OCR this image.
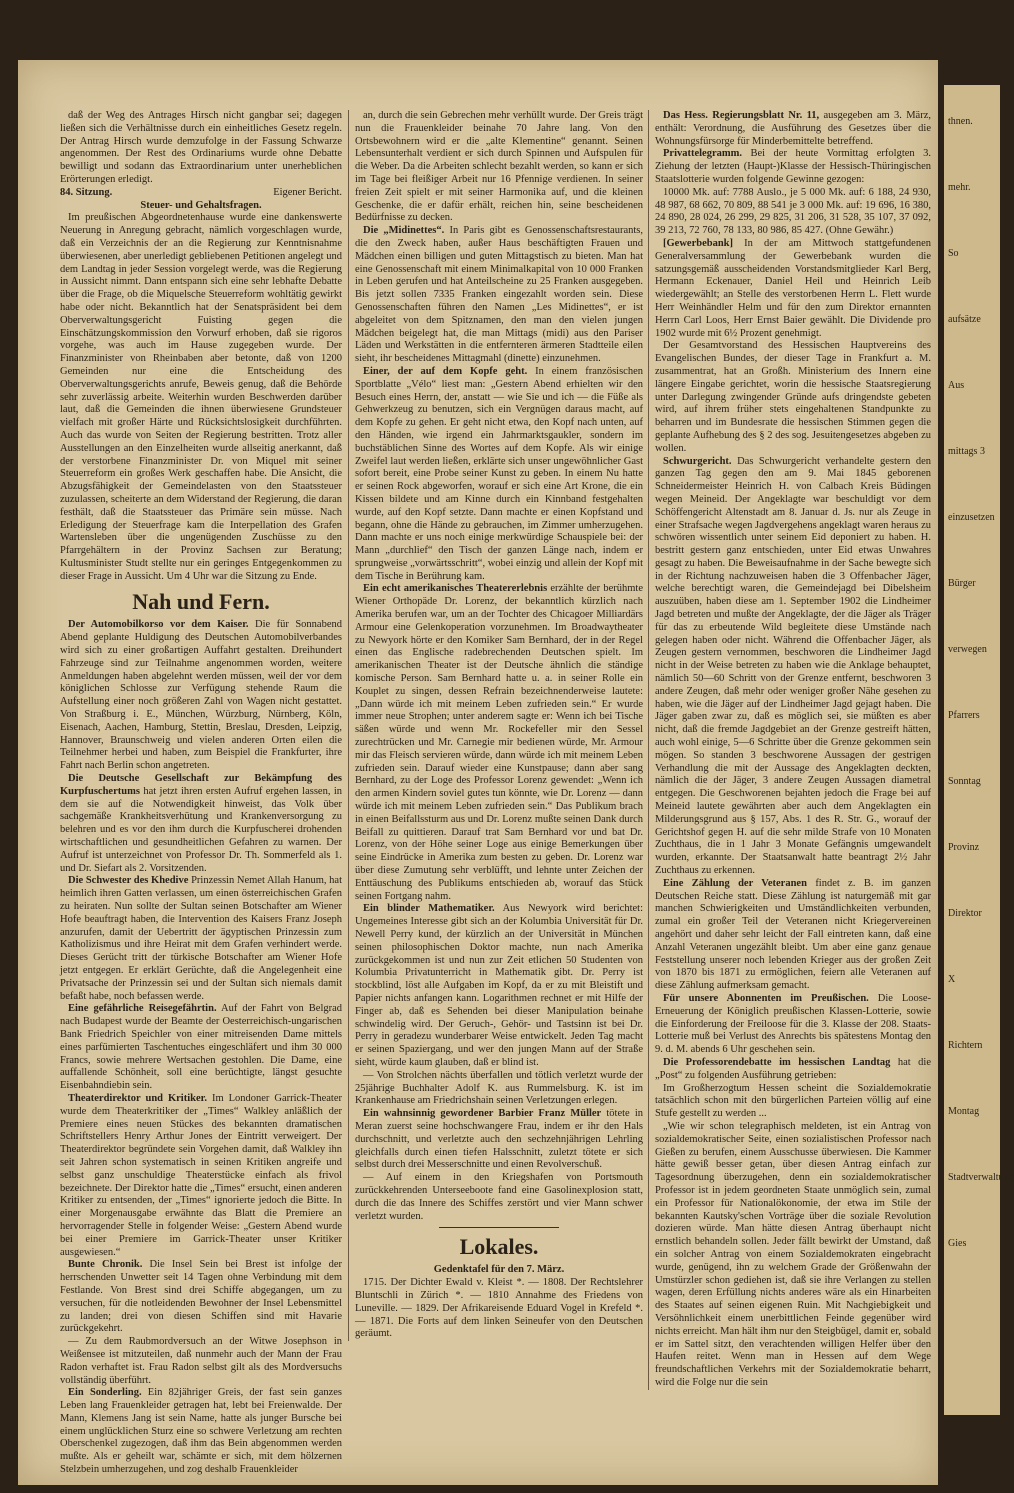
daß der Weg des Antrages Hirsch nicht gangbar sei; dagegen ließen sich die Verhältnisse durch ein einheitliches Gesetz regeln. Der Antrag Hirsch wurde demzufolge in der Fassung Schwarze angenommen. Der Rest des Ordinariums wurde ohne Debatte bewilligt und sodann das Extraordinarium unter unerheblichen Erörterungen erledigt.

84. Sitzung.	Eigener Bericht.
Steuer- und Gehaltsfragen.

Im preußischen Abgeordnetenhause wurde eine dankenswerte Neuerung in Anregung gebracht, nämlich vorgeschlagen wurde, daß ein Verzeichnis der an die Regierung zur Kenntnisnahme überwiesenen, aber unerledigt gebliebenen Petitionen angelegt und dem Landtag in jeder Session vorgelegt werde, was die Regierung in Aussicht nimmt. Dann entspann sich eine sehr lebhafte Debatte über die Frage, ob die Miquelsche Steuerreform wohltätig gewirkt habe oder nicht. Bekanntlich hat der Senatspräsident bei dem Oberverwaltungsgericht Fuisting gegen die Einschätzungskommission den Vorwurf erhoben, daß sie rigoros vorgehe, was auch im Hause zugegeben wurde. Der Finanzminister von Rheinbaben aber betonte, daß von 1200 Gemeinden nur eine die Entscheidung des Oberverwaltungsgerichts anrufe, Beweis genug, daß die Behörde sehr zuverlässig arbeite. Weiterhin wurden Beschwerden darüber laut, daß die Gemeinden die ihnen überwiesene Grundsteuer vielfach mit großer Härte und Rücksichtslosigkeit durchführten. Auch das wurde von Seiten der Regierung bestritten. Trotz aller Ausstellungen an den Einzelheiten wurde allseitig anerkannt, daß der verstorbene Finanzminister Dr. von Miquel mit seiner Steuerreform ein großes Werk geschaffen habe. Die Ansicht, die Abzugsfähigkeit der Gemeindelasten von den Staatssteuer zuzulassen, scheiterte an dem Widerstand der Regierung, die daran festhält, daß die Staatssteuer das Primäre sein müsse. Nach Erledigung der Steuerfrage kam die Interpellation des Grafen Wartensleben über die ungenügenden Zuschüsse zu den Pfarrgehältern in der Provinz Sachsen zur Beratung; Kultusminister Studt stellte nur ein geringes Entgegenkommen zu dieser Frage in Aussicht. Um 4 Uhr war die Sitzung zu Ende.

Nah und Fern.

Der Automobilkorso vor dem Kaiser. Die für Sonnabend Abend geplante Huldigung des Deutschen Automobilverbandes wird sich zu einer großartigen Auffahrt gestalten. Dreihundert Fahrzeuge sind zur Teilnahme angenommen worden, weitere Anmeldungen haben abgelehnt werden müssen, weil der vor dem königlichen Schlosse zur Verfügung stehende Raum die Aufstellung einer noch größeren Zahl von Wagen nicht gestattet. Von Straßburg i. E., München, Würzburg, Nürnberg, Köln, Eisenach, Aachen, Hamburg, Stettin, Breslau, Dresden, Leipzig, Hannover, Braunschweig und vielen anderen Orten eilen die Teilnehmer herbei und haben, zum Beispiel die Frankfurter, ihre Fahrt nach Berlin schon angetreten.

Die Deutsche Gesellschaft zur Bekämpfung des Kurpfuschertums hat jetzt ihren ersten Aufruf ergehen lassen, in dem sie auf die Notwendigkeit hinweist, das Volk über sachgemäße Krankheitsverhütung und Krankenversorgung zu belehren und es vor den ihm durch die Kurpfuscherei drohenden wirtschaftlichen und gesundheitlichen Gefahren zu warnen. Der Aufruf ist unterzeichnet von Professor Dr. Th. Sommerfeld als 1. und Dr. Siefart als 2. Vorsitzenden.

Die Schwester des Khedive Prinzessin Nemet Allah Hanum, hat heimlich ihren Gatten verlassen, um einen österreichischen Grafen zu heiraten. Nun sollte der Sultan seinen Botschafter am Wiener Hofe beauftragt haben, die Intervention des Kaisers Franz Joseph anzurufen, damit der Uebertritt der ägyptischen Prinzessin zum Katholizismus und ihre Heirat mit dem Grafen verhindert werde. Dieses Gerücht tritt der türkische Botschafter am Wiener Hofe jetzt entgegen. Er erklärt Gerüchte, daß die Angelegenheit eine Privatsache der Prinzessin sei und der Sultan sich niemals damit befaßt habe, noch befassen werde.

Eine gefährliche Reisegefährtin. Auf der Fahrt von Belgrad nach Budapest wurde der Beamte der Oesterreichisch-ungarischen Bank Friedrich Speichler von einer mitreisenden Dame mittels eines parfümierten Taschentuches eingeschläfert und ihm 30 000 Francs, sowie mehrere Wertsachen gestohlen. Die Dame, eine auffallende Schönheit, soll eine berüchtigte, längst gesuchte Eisenbahndiebin sein.

Theaterdirektor und Kritiker. Im Londoner Garrick-Theater wurde dem Theaterkritiker der „Times“ Walkley anläßlich der Premiere eines neuen Stückes des bekannten dramatischen Schriftstellers Henry Arthur Jones der Eintritt verweigert. Der Theaterdirektor begründete sein Vorgehen damit, daß Walkley ihn seit Jahren schon systematisch in seinen Kritiken angreife und selbst ganz unschuldige Theaterstücke einfach als frivol bezeichnete. Der Direktor hatte die „Times“ ersucht, einen anderen Kritiker zu entsenden, der „Times“ ignorierte jedoch die Bitte. In einer Morgenausgabe erwähnte das Blatt die Premiere an hervorragender Stelle in folgender Weise: „Gestern Abend wurde bei einer Premiere im Garrick-Theater unser Kritiker ausgewiesen.“

Bunte Chronik. Die Insel Sein bei Brest ist infolge der herrschenden Unwetter seit 14 Tagen ohne Verbindung mit dem Festlande. Von Brest sind drei Schiffe abgegangen, um zu versuchen, für die notleidenden Bewohner der Insel Lebensmittel zu landen; drei von diesen Schiffen sind mit Havarie zurückgekehrt.

— Zu dem Raubmordversuch an der Witwe Josephson in Weißensee ist mitzuteilen, daß nunmehr auch der Mann der Frau Radon verhaftet ist. Frau Radon selbst gilt als des Mordversuchs vollständig überführt.

Ein Sonderling. Ein 82jähriger Greis, der fast sein ganzes Leben lang Frauenkleider getragen hat, lebt bei Freienwalde. Der Mann, Klemens Jang ist sein Name, hatte als junger Bursche bei einem unglücklichen Sturz eine so schwere Verletzung am rechten Oberschenkel zugezogen, daß ihm das Bein abgenommen werden mußte. Als er geheilt war, schämte er sich, mit dem hölzernen Stelzbein umherzugehen, und zog deshalb Frauenkleider

an, durch die sein Gebrechen mehr verhüllt wurde. Der Greis trägt nun die Frauenkleider beinahe 70 Jahre lang. Von den Ortsbewohnern wird er die „alte Klementine“ genannt. Seinen Lebensunterhalt verdient er sich durch Spinnen und Aufspulen für die Weber. Da die Arbeiten schlecht bezahlt werden, so kann er sich im Tage bei fleißiger Arbeit nur 16 Pfennige verdienen. In seiner freien Zeit spielt er mit seiner Harmonika auf, und die kleinen Geschenke, die er dafür erhält, reichen hin, seine bescheidenen Bedürfnisse zu decken.

Die „Midinettes“. In Paris gibt es Genossenschaftsrestaurants, die den Zweck haben, außer Haus beschäftigten Frauen und Mädchen einen billigen und guten Mittagstisch zu bieten. Man hat eine Genossenschaft mit einem Minimalkapital von 10 000 Franken in Leben gerufen und hat Anteilscheine zu 25 Franken ausgegeben. Bis jetzt sollen 7335 Franken eingezahlt worden sein. Diese Genossenschaften führen den Namen „Les Midinettes“, er ist abgeleitet von dem Spitznamen, den man den vielen jungen Mädchen beigelegt hat, die man Mittags (midi) aus den Pariser Läden und Werkstätten in die entfernteren ärmeren Stadtteile eilen sieht, ihr bescheidenes Mittagmahl (dinette) einzunehmen.

Einer, der auf dem Kopfe geht. In einem französischen Sportblatte „Vélo“ liest man: „Gestern Abend erhielten wir den Besuch eines Herrn, der, anstatt — wie Sie und ich — die Füße als Gehwerkzeug zu benutzen, sich ein Vergnügen daraus macht, auf dem Kopfe zu gehen. Er geht nicht etwa, den Kopf nach unten, auf den Händen, wie irgend ein Jahrmarktsgaukler, sondern im buchstäblichen Sinne des Wortes auf dem Kopfe. Als wir einige Zweifel laut werden ließen, erklärte sich unser ungewöhnlicher Gast sofort bereit, eine Probe seiner Kunst zu geben. In einem Nu hatte er seinen Rock abgeworfen, worauf er sich eine Art Krone, die ein Kissen bildete und am Kinne durch ein Kinnband festgehalten wurde, auf den Kopf setzte. Dann machte er einen Kopfstand und begann, ohne die Hände zu gebrauchen, im Zimmer umherzugehen. Dann machte er uns noch einige merkwürdige Schauspiele bei: der Mann „durchlief“ den Tisch der ganzen Länge nach, indem er sprungweise „vorwärtsschritt“, wobei einzig und allein der Kopf mit dem Tische in Berührung kam.

Ein echt amerikanisches Theatererlebnis erzählte der berühmte Wiener Orthopäde Dr. Lorenz, der bekanntlich kürzlich nach Amerika berufen war, um an der Tochter des Chicagoer Milliardärs Armour eine Gelenkoperation vorzunehmen. Im Broadwaytheater zu Newyork hörte er den Komiker Sam Bernhard, der in der Regel einen das Englische radebrechenden Deutschen spielt. Im amerikanischen Theater ist der Deutsche ähnlich die ständige komische Person. Sam Bernhard hatte u. a. in seiner Rolle ein Kouplet zu singen, dessen Refrain bezeichnenderweise lautete: „Dann würde ich mit meinem Leben zufrieden sein.“ Er wurde immer neue Strophen; unter anderem sagte er: Wenn ich bei Tische säßen würde und wenn Mr. Rockefeller mir den Sessel zurechtrücken und Mr. Carnegie mir bedienen würde, Mr. Armour mir das Fleisch servieren würde, dann würde ich mit meinem Leben zufrieden sein. Darauf wieder eine Kunstpause; dann aber sang Bernhard, zu der Loge des Professor Lorenz gewendet: „Wenn ich den armen Kindern soviel gutes tun könnte, wie Dr. Lorenz — dann würde ich mit meinem Leben zufrieden sein.“ Das Publikum brach in einen Beifallssturm aus und Dr. Lorenz mußte seinen Dank durch Beifall zu quittieren. Darauf trat Sam Bernhard vor und bat Dr. Lorenz, von der Höhe seiner Loge aus einige Bemerkungen über seine Eindrücke in Amerika zum besten zu geben. Dr. Lorenz war über diese Zumutung sehr verblüfft, und lehnte unter Zeichen der Enttäuschung des Publikums entschieden ab, worauf das Stück seinen Fortgang nahm.

Ein blinder Mathematiker. Aus Newyork wird berichtet: Ungemeines Interesse gibt sich an der Kolumbia Universität für Dr. Newell Perry kund, der kürzlich an der Universität in München seinen philosophischen Doktor machte, nun nach Amerika zurückgekommen ist und nun zur Zeit etlichen 50 Studenten von Kolumbia Privatunterricht in Mathematik gibt. Dr. Perry ist stockblind, löst alle Aufgaben im Kopf, da er zu mit Bleistift und Papier nichts anfangen kann. Logarithmen rechnet er mit Hilfe der Finger ab, daß es Sehenden bei dieser Manipulation beinahe schwindelig wird. Der Geruch-, Gehör- und Tastsinn ist bei Dr. Perry in geradezu wunderbarer Weise entwickelt. Jeden Tag macht er seinen Spaziergang, und wer den jungen Mann auf der Straße sieht, würde kaum glauben, daß er blind ist.

— Von Strolchen nächts überfallen und tötlich verletzt wurde der 25jährige Buchhalter Adolf K. aus Rummelsburg. K. ist im Krankenhause am Friedrichshain seinen Verletzungen erlegen.

Ein wahnsinnig gewordener Barbier Franz Müller tötete in Meran zuerst seine hochschwangere Frau, indem er ihr den Hals durchschnitt, und verletzte auch den sechzehnjährigen Lehrling gleichfalls durch einen tiefen Halsschnitt, zuletzt tötete er sich selbst durch drei Messerschnitte und einen Revolverschuß.

— Auf einem in den Kriegshafen von Portsmouth zurückkehrenden Unterseeboote fand eine Gasolinexplosion statt, durch die das Innere des Schiffes zerstört und vier Mann schwer verletzt wurden.

Lokales.
Gedenktafel für den 7. März.

1715. Der Dichter Ewald v. Kleist *. — 1808. Der Rechtslehrer Bluntschli in Zürich *. — 1810 Annahme des Friedens von Luneville. — 1829. Der Afrikareisende Eduard Vogel in Krefeld *. — 1871. Die Forts auf dem linken Seineufer von den Deutschen geräumt.

Das Hess. Regierungsblatt Nr. 11, ausgegeben am 3. März, enthält: Verordnung, die Ausführung des Gesetzes über die Wohnungsfürsorge für Minderbemittelte betreffend.

Privattelegramm. Bei der heute Vormittag erfolgten 3. Ziehung der letzten (Haupt-)Klasse der Hessisch-Thüringischen Staatslotterie wurden folgende Gewinne gezogen:

10000 Mk. auf: 7788 Auslo., je 5 000 Mk. auf: 6 188, 24 930, 48 987, 68 662, 70 809, 88 541 je 3 000 Mk. auf: 19 696, 16 380, 24 890, 28 024, 26 299, 29 825, 31 206, 31 528, 35 107, 37 092, 39 213, 72 760, 78 133, 80 986, 85 427. (Ohne Gewähr.)

[Gewerbebank] In der am Mittwoch stattgefundenen Generalversammlung der Gewerbebank wurden die satzungsgemäß ausscheidenden Vorstandsmitglieder Karl Berg, Hermann Eckenauer, Daniel Heil und Heinrich Leib wiedergewählt; an Stelle des verstorbenen Herrn L. Flett wurde Herr Weinhändler Helm und für den zum Direktor ernannten Herrn Carl Loos, Herr Ernst Baier gewählt. Die Dividende pro 1902 wurde mit 6½ Prozent genehmigt.

Der Gesamtvorstand des Hessischen Hauptvereins des Evangelischen Bundes, der dieser Tage in Frankfurt a. M. zusammentrat, hat an Großh. Ministerium des Innern eine längere Eingabe gerichtet, worin die hessische Staatsregierung unter Darlegung zwingender Gründe aufs dringendste gebeten wird, auf ihrem früher stets eingehaltenen Standpunkte zu beharren und im Bundesrate die hessischen Stimmen gegen die geplante Aufhebung des § 2 des sog. Jesuitengesetzes abgeben zu wollen.

Schwurgericht. Das Schwurgericht verhandelte gestern den ganzen Tag gegen den am 9. Mai 1845 geborenen Schneidermeister Heinrich H. von Calbach Kreis Büdingen wegen Meineid. Der Angeklagte war beschuldigt vor dem Schöffengericht Altenstadt am 8. Januar d. Js. nur als Zeuge in einer Strafsache wegen Jagdvergehens angeklagt waren heraus zu schwören wissentlich unter seinem Eid deponiert zu haben. H. bestritt gestern ganz entschieden, unter Eid etwas Unwahres gesagt zu haben. Die Beweisaufnahme in der Sache bewegte sich in der Richtung nachzuweisen haben die 3 Offenbacher Jäger, welche berechtigt waren, die Gemeindejagd bei Dibelsheim auszuüben, haben diese am 1. September 1902 die Lindheimer Jagd betreten und mußte der Angeklagte, der die Jäger als Träger für das zu erbeutende Wild begleitete diese Umstände nach gelegen haben oder nicht. Während die Offenbacher Jäger, als Zeugen gestern vernommen, beschworen die Lindheimer Jagd nicht in der Weise betreten zu haben wie die Anklage behauptet, nämlich 50—60 Schritt von der Grenze entfernt, beschworen 3 andere Zeugen, daß mehr oder weniger großer Nähe gesehen zu haben, wie die Jäger auf der Lindheimer Jagd gejagt haben. Die Jäger gaben zwar zu, daß es möglich sei, sie müßten es aber nicht, daß die fremde Jagdgebiet an der Grenze gestreift hätten, auch wohl einige, 5—6 Schritte über die Grenze gekommen sein mögen. So standen 3 beschworene Aussagen der gestrigen Verhandlung die mit der Aussage des Angeklagten deckten, nämlich die der Jäger, 3 andere Zeugen Aussagen diametral entgegen. Die Geschworenen bejahten jedoch die Frage bei auf Meineid lautete gewährten aber auch dem Angeklagten ein Milderungsgrund aus § 157, Abs. 1 des R. Str. G., worauf der Gerichtshof gegen H. auf die sehr milde Strafe von 10 Monaten Zuchthaus, die in 1 Jahr 3 Monate Gefängnis umgewandelt wurden, erkannte. Der Staatsanwalt hatte beantragt 2½ Jahr Zuchthaus zu erkennen.

Eine Zählung der Veteranen findet z. B. im ganzen Deutschen Reiche statt. Diese Zählung ist naturgemäß mit gar manchen Schwierigkeiten und Umständlichkeiten verbunden, zumal ein großer Teil der Veteranen nicht Kriegervereinen angehört und daher sehr leicht der Fall eintreten kann, daß eine Anzahl Veteranen ungezählt bleibt. Um aber eine ganz genaue Feststellung unserer noch lebenden Krieger aus der großen Zeit von 1870 bis 1871 zu ermöglichen, feiern alle Veteranen auf diese Zählung aufmerksam gemacht.

Für unsere Abonnenten im Preußischen. Die Loose-Erneuerung der Königlich preußischen Klassen-Lotterie, sowie die Einforderung der Freiloose für die 3. Klasse der 208. Staats-Lotterie muß bei Verlust des Anrechts bis spätestens Montag den 9. d. M. abends 6 Uhr geschehen sein.

Die Professorendebatte im hessischen Landtag hat die „Post“ zu folgenden Ausführung getrieben:

Im Großherzogtum Hessen scheint die Sozialdemokratie tatsächlich schon mit den bürgerlichen Parteien völlig auf eine Stufe gestellt zu werden ...

„Wie wir schon telegraphisch meldeten, ist ein Antrag von sozialdemokratischer Seite, einen sozialistischen Professor nach Gießen zu berufen, einem Ausschusse überwiesen. Die Kammer hätte gewiß besser getan, über diesen Antrag einfach zur Tagesordnung überzugehen, denn ein sozialdemokratischer Professor ist in jedem geordneten Staate unmöglich sein, zumal ein Professor für Nationalökonomie, der etwa im Stile der bekannten Kautsky'schen Vorträge über die soziale Revolution dozieren würde. Man hätte diesen Antrag überhaupt nicht ernstlich behandeln sollen. Jeder fällt bewirkt der Umstand, daß ein solcher Antrag von einem Sozialdemokraten eingebracht wurde, genügend, ihn zu welchem Grade der Größenwahn der Umstürzler schon gediehen ist, daß sie ihre Verlangen zu stellen wagen, deren Erfüllung nichts anderes wäre als ein Hinarbeiten des Staates auf seinen eigenen Ruin. Mit Nachgiebigkeit und Versöhnlichkeit einem unerbittlichen Feinde gegenüber wird nichts erreicht. Man hält ihm nur den Steigbügel, damit er, sobald er im Sattel sitzt, den verachtenden willigen Helfer über den Haufen reitet. Wenn man in Hessen auf dem Wege freundschaftlichen Verkehrs mit der Sozialdemokratie beharrt, wird die Folge nur die sein

thnen.
mehr.
So
aufsätze
Aus
mittags 3
einzusetzen
Bürger
verwegen
Pfarrers
Sonntag
Provinz
Direktor
X
Richtern
Montag
Stadtverwaltung
Gies
